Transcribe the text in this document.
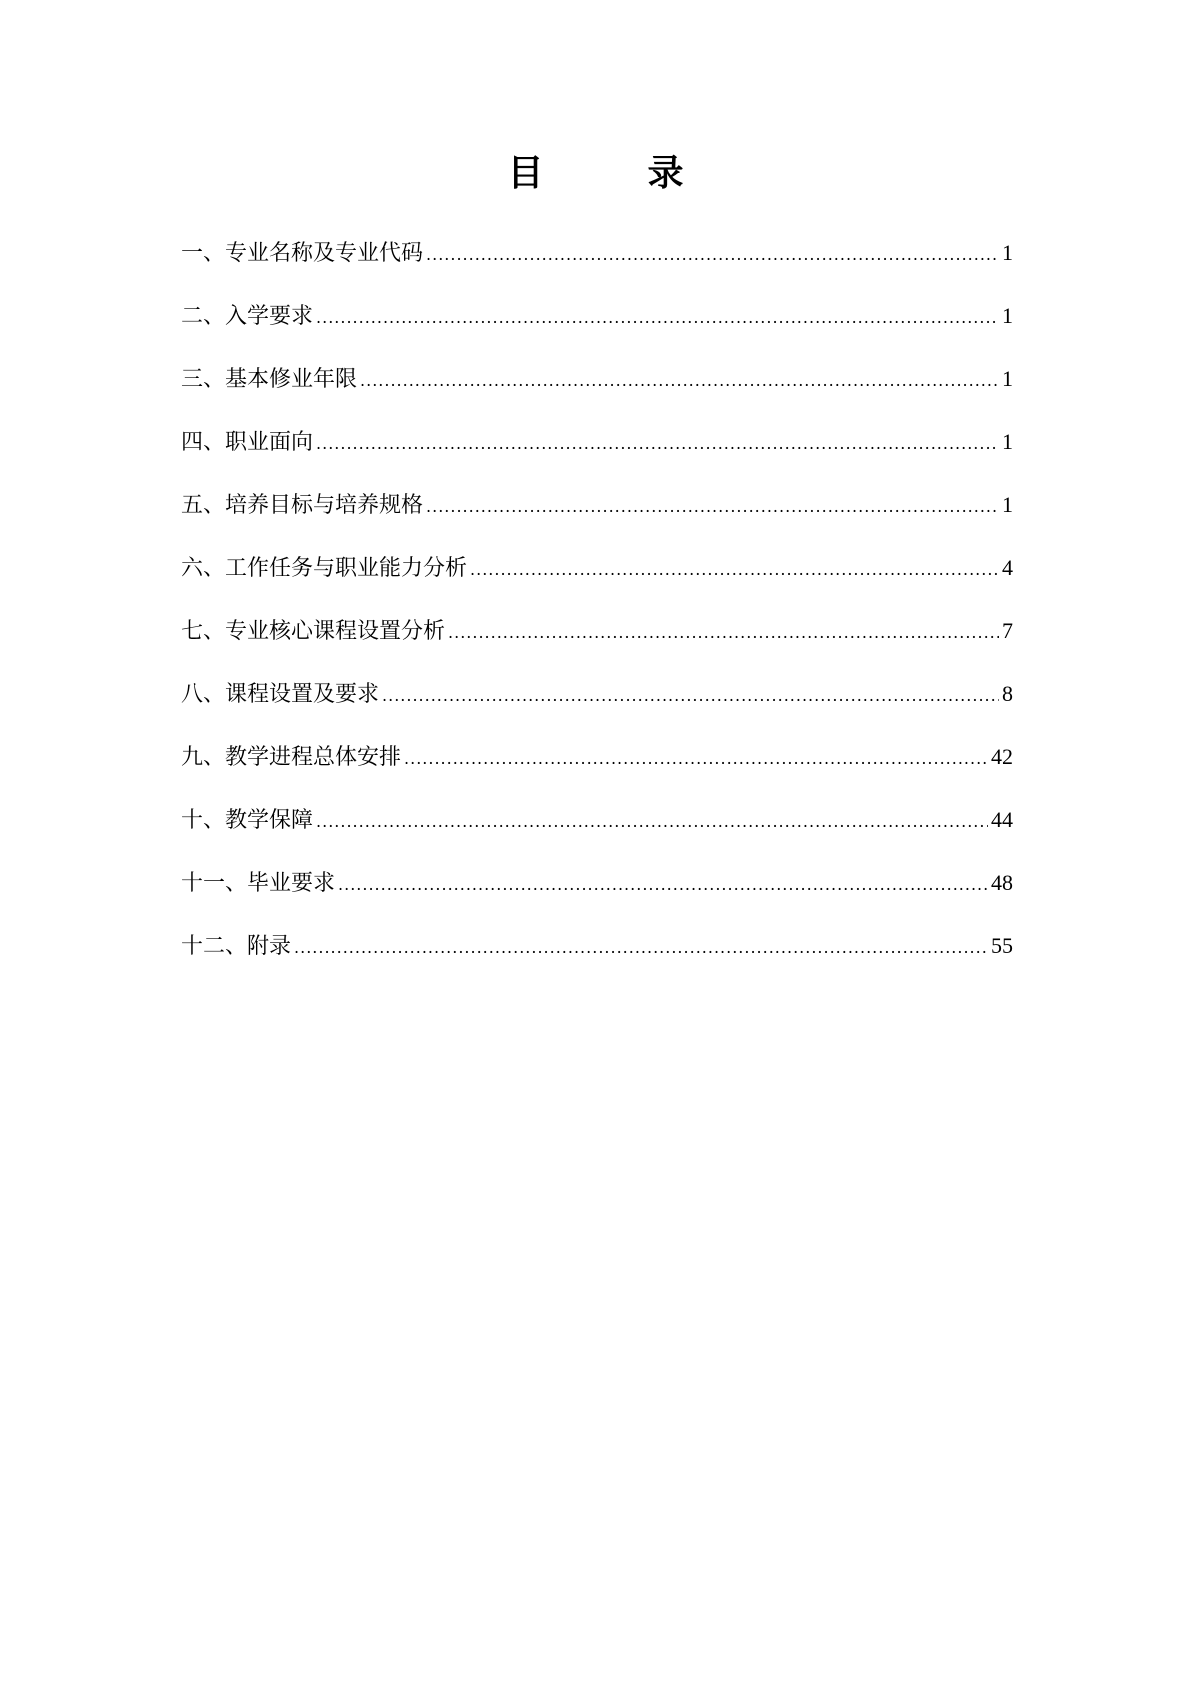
目　录
一、专业名称及专业代码 .....	1
二、入学要求 .....	1
三、基本修业年限 .....	1
四、职业面向 .....	1
五、培养目标与培养规格 .....	1
六、工作任务与职业能力分析 .....	4
七、专业核心课程设置分析 .....	7
八、课程设置及要求 .....	8
九、教学进程总体安排 .....	42
十、教学保障 .....	44
十一、毕业要求 .....	48
十二、附录 .....	55
